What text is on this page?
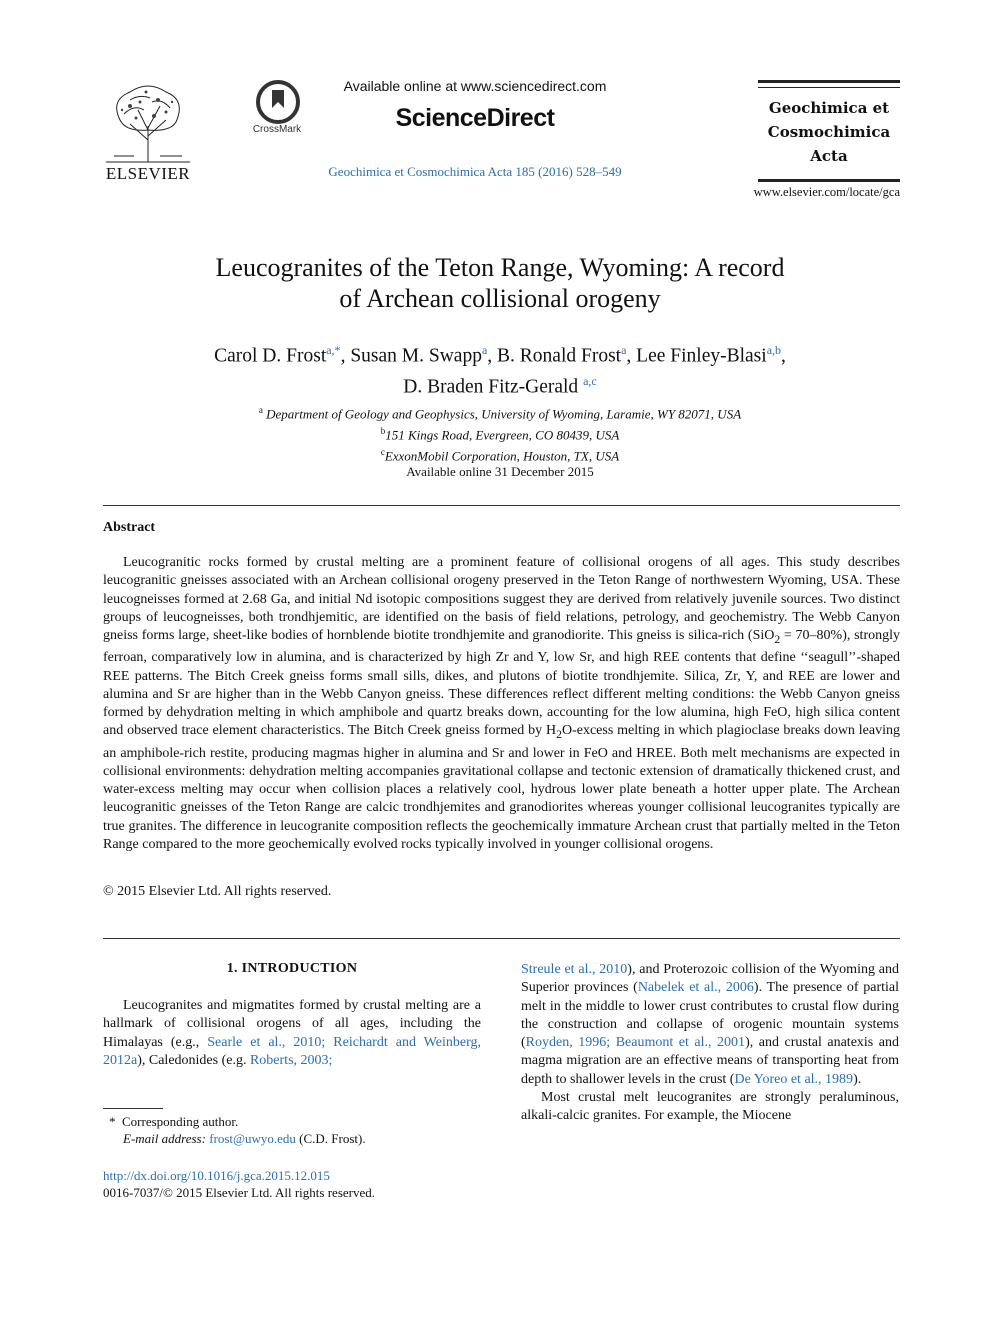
ELSEVIER
CrossMark
Available online at www.sciencedirect.com
ScienceDirect
Geochimica et Cosmochimica Acta 185 (2016) 528–549
Geochimica et
Cosmochimica
Acta
www.elsevier.com/locate/gca
Leucogranites of the Teton Range, Wyoming: A record
of Archean collisional orogeny
Carol D. Frost$^{a,*}$, Susan M. Swapp$^a$, B. Ronald Frost$^a$, Lee Finley-Blasi$^{a,b}$,
D. Braden Fitz-Gerald $^{a,c}$
$^a$ Department of Geology and Geophysics, University of Wyoming, Laramie, WY 82071, USA
$^b$151 Kings Road, Evergreen, CO 80439, USA
$^c$ExxonMobil Corporation, Houston, TX, USA
Available online 31 December 2015
Abstract
Leucogranitic rocks formed by crustal melting are a prominent feature of collisional orogens of all ages. This study describes leucogranitic gneisses associated with an Archean collisional orogeny preserved in the Teton Range of northwestern Wyoming, USA. These leucogneisses formed at 2.68 Ga, and initial Nd isotopic compositions suggest they are derived from relatively juvenile sources. Two distinct groups of leucogneisses, both trondhjemitic, are identified on the basis of field relations, petrology, and geochemistry. The Webb Canyon gneiss forms large, sheet-like bodies of hornblende biotite trondhjemite and granodiorite. This gneiss is silica-rich (SiO$_2$ = 70–80%), strongly ferroan, comparatively low in alumina, and is characterized by high Zr and Y, low Sr, and high REE contents that define ‘‘seagull’’-shaped REE patterns. The Bitch Creek gneiss forms small sills, dikes, and plutons of biotite trondhjemite. Silica, Zr, Y, and REE are lower and alumina and Sr are higher than in the Webb Canyon gneiss. These differences reflect different melting conditions: the Webb Canyon gneiss formed by dehydration melting in which amphibole and quartz breaks down, accounting for the low alumina, high FeO, high silica content and observed trace element characteristics. The Bitch Creek gneiss formed by $H_2O$-excess melting in which plagioclase breaks down leaving an amphibole-rich restite, producing magmas higher in alumina and Sr and lower in FeO and HREE. Both melt mechanisms are expected in collisional environments: dehydration melting accompanies gravitational collapse and tectonic extension of dramatically thickened crust, and water-excess melting may occur when collision places a relatively cool, hydrous lower plate beneath a hotter upper plate. The Archean leucogranitic gneisses of the Teton Range are calcic trondhjemites and granodiorites whereas younger collisional leucogranites typically are true granites. The difference in leucogranite composition reflects the geochemically immature Archean crust that partially melted in the Teton Range compared to the more geochemically evolved rocks typically involved in younger collisional orogens.
© 2015 Elsevier Ltd. All rights reserved.
1. INTRODUCTION
Leucogranites and migmatites formed by crustal melting are a hallmark of collisional orogens of all ages, including the Himalayas (e.g., Searle et al., 2010; Reichardt and Weinberg, 2012a), Caledonides (e.g. Roberts, 2003;
Streule et al., 2010), and Proterozoic collision of the Wyoming and Superior provinces (Nabelek et al., 2006). The presence of partial melt in the middle to lower crust contributes to crustal flow during the construction and collapse of orogenic mountain systems (Royden, 1996; Beaumont et al., 2001), and crustal anatexis and magma migration are an effective means of transporting heat from depth to shallower levels in the crust (De Yoreo et al., 1989).
Most crustal melt leucogranites are strongly peraluminous, alkali-calcic granites. For example, the Miocene
* Corresponding author.
E-mail address: frost@uwyo.edu (C.D. Frost).
http://dx.doi.org/10.1016/j.gca.2015.12.015
0016-7037/© 2015 Elsevier Ltd. All rights reserved.
